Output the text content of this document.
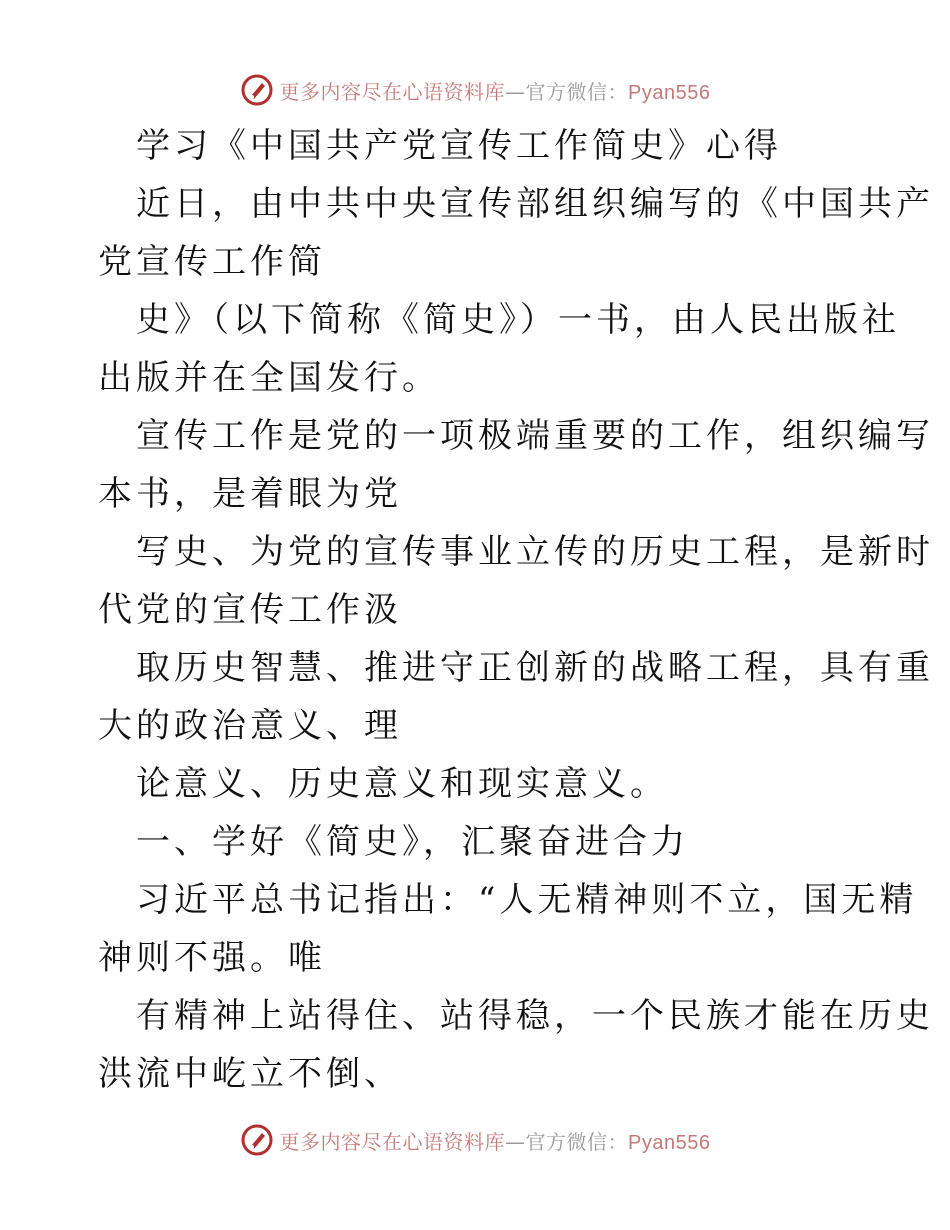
更多内容尽在心语资料库—官方微信：Pyan556
学习《中国共产党宣传工作简史》心得
近日，由中共中央宣传部组织编写的《中国共产
党宣传工作简
史》（以下简称《简史》）一书，由人民出版社
出版并在全国发行。
宣传工作是党的一项极端重要的工作，组织编写
本书，是着眼为党
写史、为党的宣传事业立传的历史工程，是新时
代党的宣传工作汲
取历史智慧、推进守正创新的战略工程，具有重
大的政治意义、理
论意义、历史意义和现实意义。
一、学好《简史》，汇聚奋进合力
习近平总书记指出：“人无精神则不立，国无精
神则不强。唯
有精神上站得住、站得稳，一个民族才能在历史
洪流中屹立不倒、
更多内容尽在心语资料库—官方微信：Pyan556
